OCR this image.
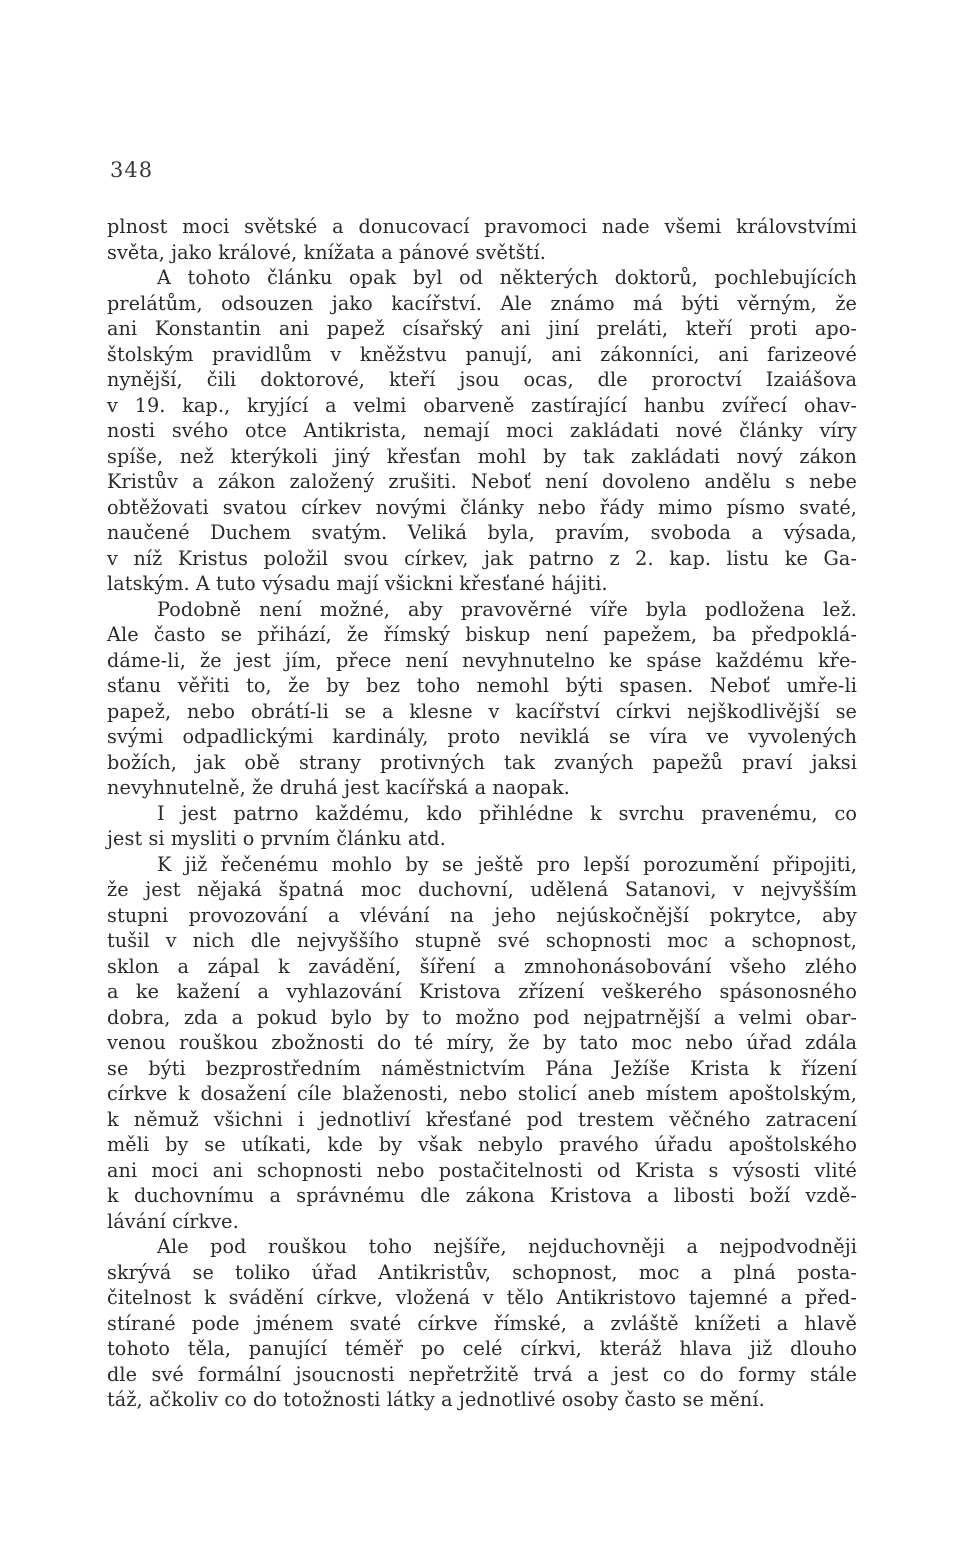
348
plnost moci světské a donucovací pravomoci nade všemi královstvími
světa, jako králové, knížata a pánové světští.
A tohoto článku opak byl od některých doktorů, pochlebujících
prelátům, odsouzen jako kacířství. Ale známo má býti věrným, že
ani Konstantin ani papež císařský ani jiní preláti, kteří proti apo-
štolským pravidlům v kněžstvu panují, ani zákonníci, ani farizeové
nynější, čili doktorové, kteří jsou ocas, dle proroctví Izaiášova
v 19. kap., kryjící a velmi obarveně zastírající hanbu zvířecí ohav-
nosti svého otce Antikrista, nemají moci zakládati nové články víry
spíše, než kterýkoli jiný křesťan mohl by tak zakládati nový zákon
Kristův a zákon založený zrušiti. Neboť není dovoleno andělu s nebe
obtěžovati svatou církev novými články nebo řády mimo písmo svaté,
naučené Duchem svatým. Veliká byla, pravím, svoboda a výsada,
v níž Kristus položil svou církev, jak patrno z 2. kap. listu ke Ga-
latským. A tuto výsadu mají všickni křesťané hájiti.
Podobně není možné, aby pravověrné víře byla podložena lež.
Ale často se přihází, že římský biskup není papežem, ba předpoklá-
dáme-li, že jest jím, přece není nevyhnutelno ke spáse každému kře-
sťanu věřiti to, že by bez toho nemohl býti spasen. Neboť umře-li
papež, nebo obrátí-li se a klesne v kacířství církvi nejškodlivější se
svými odpadlickými kardinály, proto neviklá se víra ve vyvolených
božích, jak obě strany protivných tak zvaných papežů praví jaksi
nevyhnutelně, že druhá jest kacířská a naopak.
I jest patrno každému, kdo přihlédne k svrchu pravenému, co
jest si mysliti o prvním článku atd.
K již řečenému mohlo by se ještě pro lepší porozumění připojiti,
že jest nějaká špatná moc duchovní, udělená Satanovi, v nejvyšším
stupni provozování a vlévání na jeho nejúskočnější pokrytce, aby
tušil v nich dle nejvyššího stupně své schopnosti moc a schopnost,
sklon a zápal k zavádění, šíření a zmnohonásobování všeho zlého
a ke kažení a vyhlazování Kristova zřízení veškerého spásonosného
dobra, zda a pokud bylo by to možno pod nejpatrnější a velmi obar-
venou rouškou zbožnosti do té míry, že by tato moc nebo úřad zdála
se býti bezprostředním náměstnictvím Pána Ježíše Krista k řízení
církve k dosažení cíle blaženosti, nebo stolicí aneb místem apoštolským,
k němuž všichni i jednotliví křesťané pod trestem věčného zatracení
měli by se utíkati, kde by však nebylo pravého úřadu apoštolského
ani moci ani schopnosti nebo postačitelnosti od Krista s výsosti vlité
k duchovnímu a správnému dle zákona Kristova a libosti boží vzdě-
lávání církve.
Ale pod rouškou toho nejšíře, nejduchovněji a nejpodvodněji
skrývá se toliko úřad Antikristův, schopnost, moc a plná posta-
čitelnost k svádění církve, vložená v tělo Antikristovo tajemné a před-
stírané pode jménem svaté církve římské, a zvláště knížeti a hlavě
tohoto těla, panující téměř po celé církvi, kteráž hlava již dlouho
dle své formální jsoucnosti nepřetržitě trvá a jest co do formy stále
táž, ačkoliv co do totožnosti látky a jednotlivé osoby často se mění.
